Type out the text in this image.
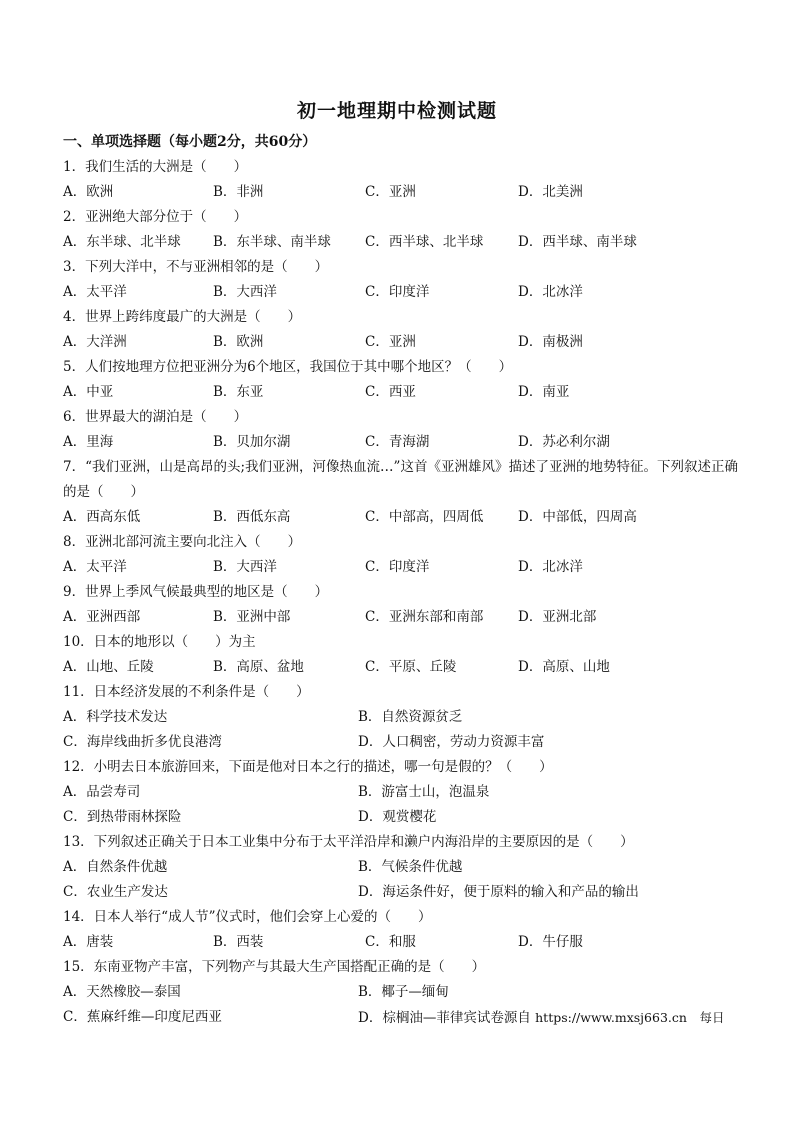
初一地理期中检测试题
一、单项选择题（每小题2分，共60分）
1．我们生活的大洲是（　　）
A．欧洲	B．非洲	C．亚洲	D．北美洲
2．亚洲绝大部分位于（　　）
A．东半球、北半球 B．东半球、南半球	C．西半球、北半球	D．西半球、南半球
3．下列大洋中，不与亚洲相邻的是（　　）
A．太平洋	B．大西洋	C．印度洋	D．北冰洋
4．世界上跨纬度最广的大洲是（　　）
A．大洋洲	B．欧洲	C．亚洲	D．南极洲
5．人们按地理方位把亚洲分为6个地区，我国位于其中哪个地区？（　　）
A．中亚	B．东亚	C．西亚	D．南亚
6．世界最大的湖泊是（　　）
A．里海	B．贝加尔湖	C．青海湖	D．苏必利尔湖
7．“我们亚洲，山是高昂的头;我们亚洲，河像热血流…”这首《亚洲雄风》描述了亚洲的地势特征。下列叙述正确的是（　　）
A．西高东低	B．西低东高	C．中部高，四周低	D．中部低，四周高
8．亚洲北部河流主要向北注入（　　）
A．太平洋	B．大西洋	C．印度洋	D．北冰洋
9．世界上季风气候最典型的地区是（　　）
A．亚洲西部	B．亚洲中部	C．亚洲东部和南部	D．亚洲北部
10．日本的地形以（　　）为主
A．山地、丘陵	B．高原、盆地	C．平原、丘陵	D．高原、山地
11．日本经济发展的不利条件是（　　）
A．科学技术发达	B．自然资源贫乏
C．海岸线曲折多优良港湾	D．人口稠密，劳动力资源丰富
12．小明去日本旅游回来，下面是他对日本之行的描述，哪一句是假的？（　　）
A．品尝寿司	B．游富士山，泡温泉
C．到热带雨林探险	D．观赏樱花
13．下列叙述正确关于日本工业集中分布于太平洋沿岸和濑户内海沿岸的主要原因的是（　　）
A．自然条件优越	B．气候条件优越
C．农业生产发达	D．海运条件好，便于原料的输入和产品的输出
14．日本人举行“成人节”仪式时，他们会穿上心爱的（　　）
A．唐装	B．西装	C．和服	D．牛仔服
15．东南亚物产丰富，下列物产与其最大生产国搭配正确的是（　　）
A．天然橡胶—泰国	B．椰子—缅甸
C．蕉麻纤维—印度尼西亚	D．棕榈油—菲律宾试卷源自 https://www.mxsj663.cn　每日
